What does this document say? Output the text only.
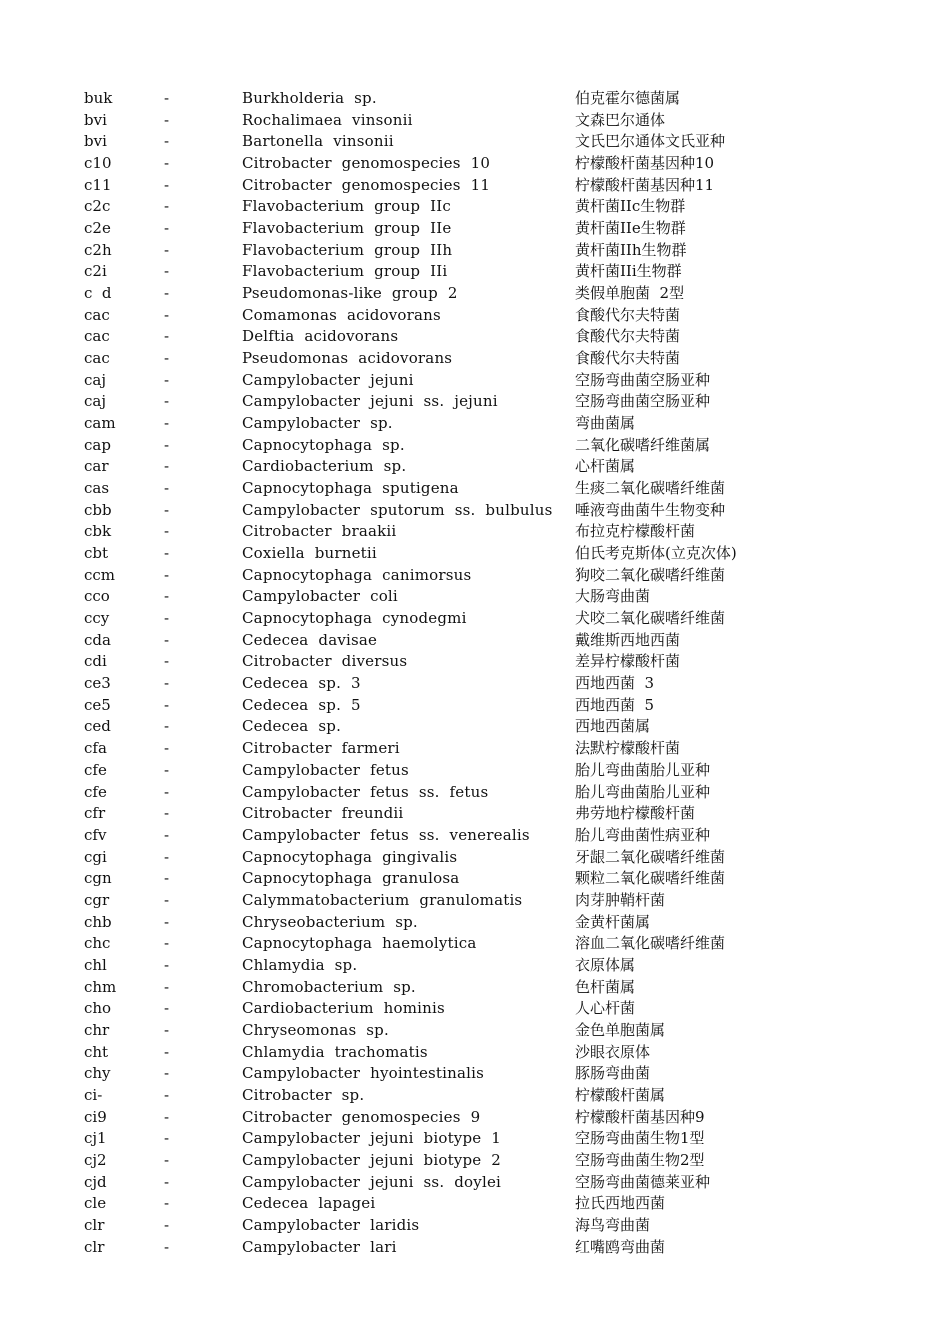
buk	-	Burkholderia  sp.	伯克霍尔德菌属
bvi	-	Rochalimaea  vinsonii	文森巴尔通体
bvi	-	Bartonella  vinsonii	文氏巴尔通体文氏亚种
c10	-	Citrobacter  genomospecies  10	柠檬酸杆菌基因种10
c11	-	Citrobacter  genomospecies  11	柠檬酸杆菌基因种11
c2c	-	Flavobacterium  group  IIc	黄杆菌IIc生物群
c2e	-	Flavobacterium  group  IIe	黄杆菌IIe生物群
c2h	-	Flavobacterium  group  IIh	黄杆菌IIh生物群
c2i	-	Flavobacterium  group  IIi	黄杆菌IIi生物群
c  d	-	Pseudomonas-like  group  2	类假单胞菌  2型
cac	-	Comamonas  acidovorans	食酸代尔夫特菌
cac	-	Delftia  acidovorans	食酸代尔夫特菌
cac	-	Pseudomonas  acidovorans	食酸代尔夫特菌
caj	-	Campylobacter  jejuni	空肠弯曲菌空肠亚种
caj	-	Campylobacter  jejuni  ss.  jejuni	空肠弯曲菌空肠亚种
cam	-	Campylobacter  sp.	弯曲菌属
cap	-	Capnocytophaga  sp.	二氧化碳嗜纤维菌属
car	-	Cardiobacterium  sp.	心杆菌属
cas	-	Capnocytophaga  sputigena	生痰二氧化碳嗜纤维菌
cbb	-	Campylobacter  sputorum  ss.  bulbulus 唾液弯曲菌牛生物变种
cbk	-	Citrobacter  braakii	布拉克柠檬酸杆菌
cbt	-	Coxiella  burnetii	伯氏考克斯体(立克次体)
ccm	-	Capnocytophaga  canimorsus	狗咬二氧化碳嗜纤维菌
cco	-	Campylobacter  coli	大肠弯曲菌
ccy	-	Capnocytophaga  cynodegmi	犬咬二氧化碳嗜纤维菌
cda	-	Cedecea  davisae	戴维斯西地西菌
cdi	-	Citrobacter  diversus	差异柠檬酸杆菌
ce3	-	Cedecea  sp.  3	西地西菌  3
ce5	-	Cedecea  sp.  5	西地西菌  5
ced	-	Cedecea  sp.	西地西菌属
cfa	-	Citrobacter  farmeri	法默柠檬酸杆菌
cfe	-	Campylobacter  fetus	胎儿弯曲菌胎儿亚种
cfe	-	Campylobacter  fetus  ss.  fetus	胎儿弯曲菌胎儿亚种
cfr	-	Citrobacter  freundii	弗劳地柠檬酸杆菌
cfv	-	Campylobacter  fetus  ss.  venerealis	胎儿弯曲菌性病亚种
cgi	-	Capnocytophaga  gingivalis	牙龈二氧化碳嗜纤维菌
cgn	-	Capnocytophaga  granulosa	颗粒二氧化碳嗜纤维菌
cgr	-	Calymmatobacterium  granulomatis	肉芽肿鞘杆菌
chb	-	Chryseobacterium  sp.	金黄杆菌属
chc	-	Capnocytophaga  haemolytica	溶血二氧化碳嗜纤维菌
chl	-	Chlamydia  sp.	衣原体属
chm	-	Chromobacterium  sp.	色杆菌属
cho	-	Cardiobacterium  hominis	人心杆菌
chr	-	Chryseomonas  sp.	金色单胞菌属
cht	-	Chlamydia  trachomatis	沙眼衣原体
chy	-	Campylobacter  hyointestinalis	豚肠弯曲菌
ci-	-	Citrobacter  sp.	柠檬酸杆菌属
ci9	-	Citrobacter  genomospecies  9	柠檬酸杆菌基因种9
cj1	-	Campylobacter  jejuni  biotype  1	空肠弯曲菌生物1型
cj2	-	Campylobacter  jejuni  biotype  2	空肠弯曲菌生物2型
cjd	-	Campylobacter  jejuni  ss.  doylei	空肠弯曲菌德莱亚种
cle	-	Cedecea  lapagei	拉氏西地西菌
clr	-	Campylobacter  laridis	海鸟弯曲菌
clr	-	Campylobacter  lari	红嘴鸥弯曲菌
